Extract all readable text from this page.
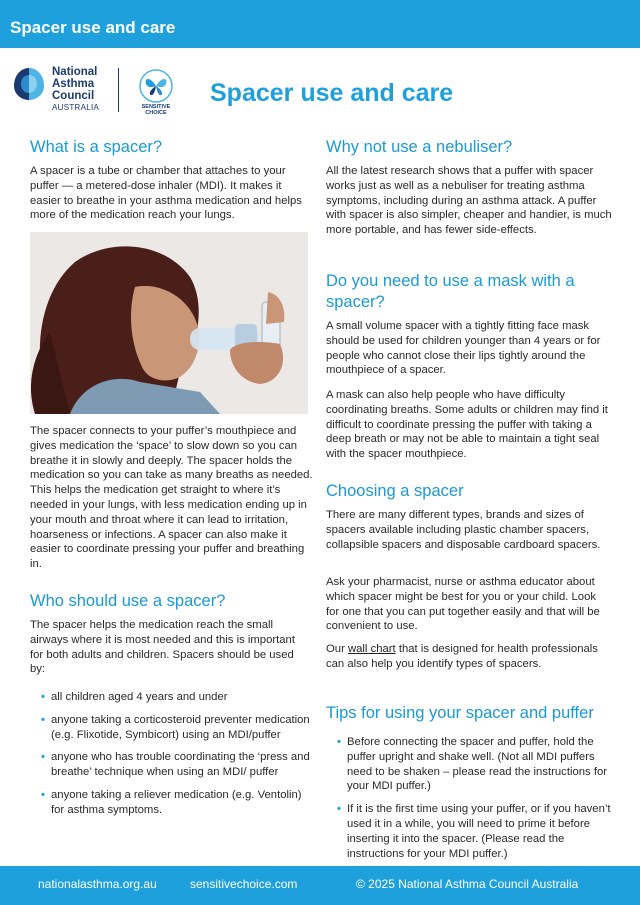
Spacer use and care
National
Asthma
Council
AUSTRALIA	SENSITIVE
CHOICE
Spacer use and care
What is a spacer?

A spacer is a tube or chamber that attaches to your puffer — a metered-dose inhaler (MDI). It makes it easier to breathe in your asthma medication and helps more of the medication reach your lungs.

The spacer connects to your puffer’s mouthpiece and gives medication the ‘space’ to slow down so you can breathe it in slowly and deeply. The spacer holds the medication so you can take as many breaths as needed. This helps the medication get straight to where it’s needed in your lungs, with less medication ending up in your mouth and throat where it can lead to irritation, hoarseness or infections. A spacer can also make it easier to coordinate pressing your puffer and breathing in.

Who should use a spacer?

The spacer helps the medication reach the small airways where it is most needed and this is important for both adults and children. Spacers should be used by:

• all children aged 4 years and under
• anyone taking a corticosteroid preventer medication (e.g. Flixotide, Symbicort) using an MDI/puffer
• anyone who has trouble coordinating the ‘press and breathe’ technique when using an MDI/ puffer
• anyone taking a reliever medication (e.g. Ventolin) for asthma symptoms.
Why not use a nebuliser?

All the latest research shows that a puffer with spacer works just as well as a nebuliser for treating asthma symptoms, including during an asthma attack. A puffer with spacer is also simpler, cheaper and handier, is much more portable, and has fewer side-effects.

Do you need to use a mask with a spacer?

A small volume spacer with a tightly fitting face mask should be used for children younger than 4 years or for people who cannot close their lips tightly around the mouthpiece of a spacer.

A mask can also help people who have difficulty coordinating breaths. Some adults or children may find it difficult to coordinate pressing the puffer with taking a deep breath or may not be able to maintain a tight seal with the spacer mouthpiece.

Choosing a spacer

There are many different types, brands and sizes of spacers available including plastic chamber spacers, collapsible spacers and disposable cardboard spacers.

Ask your pharmacist, nurse or asthma educator about which spacer might be best for you or your child. Look for one that you can put together easily and that will be convenient to use.

Our wall chart that is designed for health professionals can also help you identify types of spacers.

Tips for using your spacer and puffer
• Before connecting the spacer and puffer, hold the puffer upright and shake well. (Not all MDI puffers need to be shaken – please read the instructions for your MDI puffer.)
• If it is the first time using your puffer, or if you haven’t used it in a while, you will need to prime it before inserting it into the spacer. (Please read the instructions for your MDI puffer.)
nationalasthma.org.au	sensitivechoice.com	© 2025 National Asthma Council Australia
